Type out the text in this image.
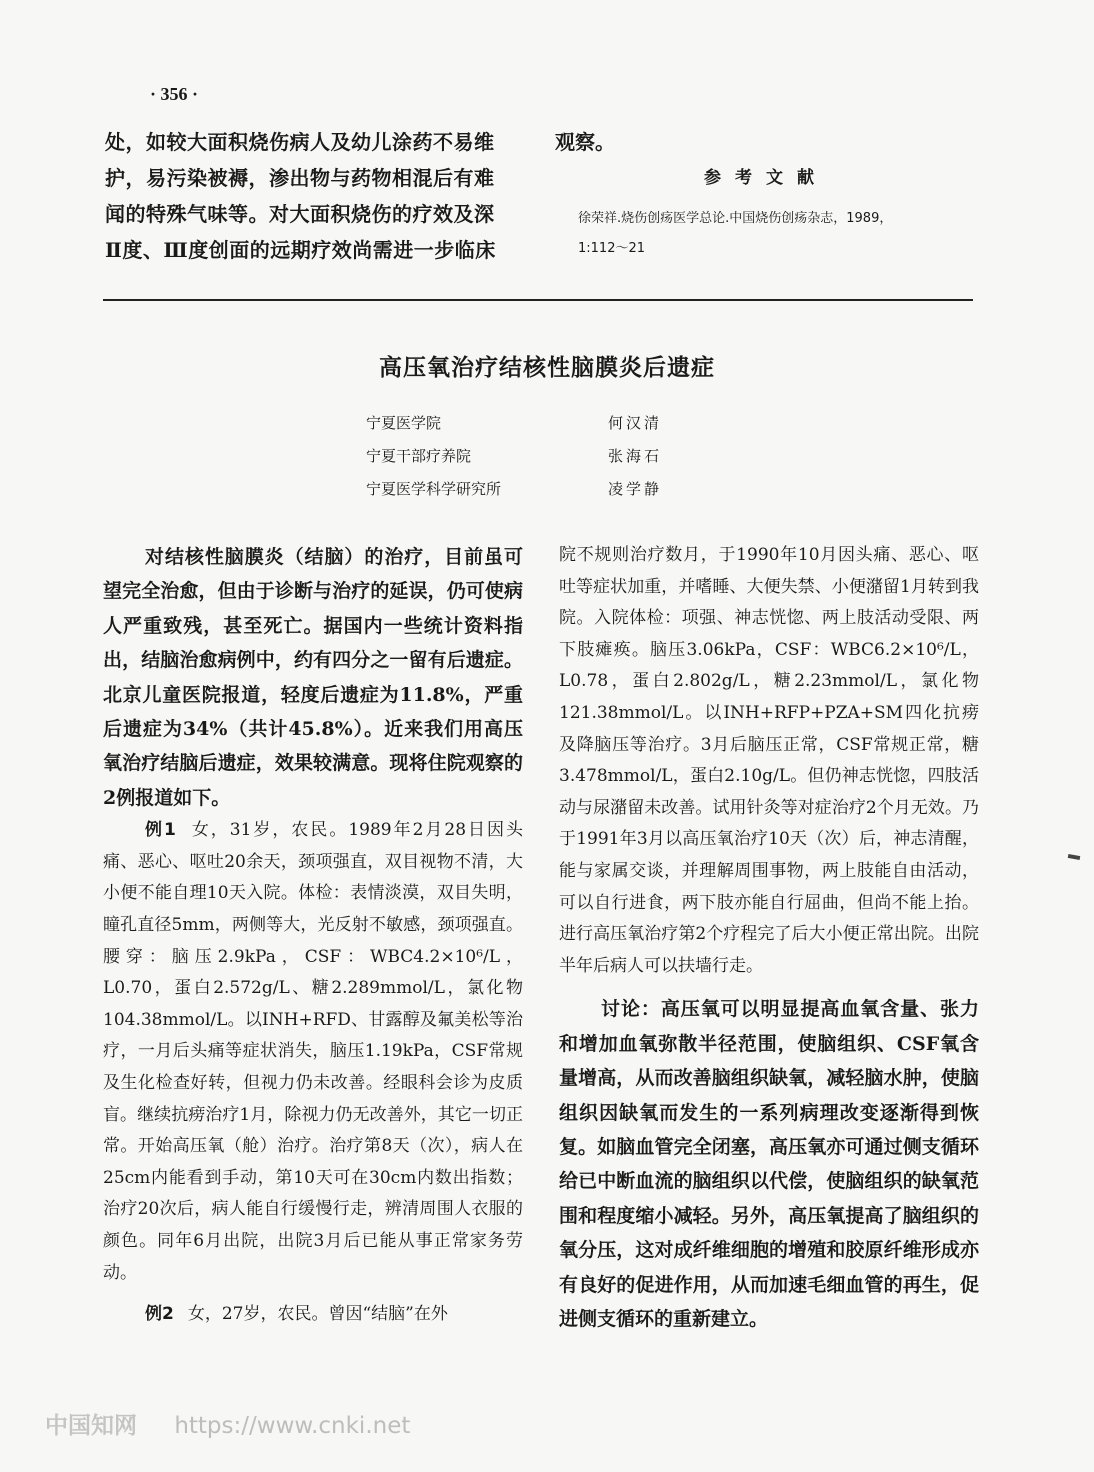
· 356 ·

处，如较大面积烧伤病人及幼儿涂药不易维

护，易污染被褥，渗出物与药物相混后有难

闻的特殊气味等。对大面积烧伤的疗效及深

Ⅱ度、Ⅲ度创面的远期疗效尚需进一步临床

观察。
参考文献
徐荣祥.烧伤创疡医学总论.中国烧伤创疡杂志，1989，
1:112～21
高压氧治疗结核性脑膜炎后遗症
宁夏医学院	何汉清
宁夏干部疗养院	张海石
宁夏医学科学研究所	凌学静

对结核性脑膜炎（结脑）的治疗，目前虽可望完全治愈，但由于诊断与治疗的延误，仍可使病人严重致残，甚至死亡。据国内一些统计资料指出，结脑治愈病例中，约有四分之一留有后遗症。北京儿童医院报道，轻度后遗症为11.8%，严重后遗症为34%（共计45.8%）。近来我们用高压氧治疗结脑后遗症，效果较满意。现将住院观察的2例报道如下。

例1 女，31岁，农民。1989年2月28日因头痛、恶心、呕吐20余天，颈项强直，双目视物不清，大小便不能自理10天入院。体检：表情淡漠，双目失明，瞳孔直径5mm，两侧等大，光反射不敏感，颈项强直。腰穿：脑压2.9kPa，CSF：WBC4.2×10⁶/L，L0.70，蛋白2.572g/L、糖2.289mmol/L，氯化物104.38mmol/L。以INH+RFD、甘露醇及氟美松等治疗，一月后头痛等症状消失，脑压1.19kPa，CSF常规及生化检查好转，但视力仍未改善。经眼科会诊为皮质盲。继续抗痨治疗1月，除视力仍无改善外，其它一切正常。开始高压氧（舱）治疗。治疗第8天（次），病人在25cm内能看到手动，第10天可在30cm内数出指数；治疗20次后，病人能自行缓慢行走，辨清周围人衣服的颜色。同年6月出院，出院3月后已能从事正常家务劳动。

例2 女，27岁，农民。曾因“结脑”在外

院不规则治疗数月，于1990年10月因头痛、恶心、呕吐等症状加重，并嗜睡、大便失禁、小便潴留1月转到我院。入院体检：项强、神志恍惚、两上肢活动受限、两下肢瘫痪。脑压3.06kPa，CSF：WBC6.2×10⁶/L，L0.78，蛋白2.802g/L，糖2.23mmol/L，氯化物121.38mmol/L。以INH+RFP+PZA+SM四化抗痨及降脑压等治疗。3月后脑压正常，CSF常规正常，糖3.478mmol/L，蛋白2.10g/L。但仍神志恍惚，四肢活动与尿潴留未改善。试用针灸等对症治疗2个月无效。乃于1991年3月以高压氧治疗10天（次）后，神志清醒，能与家属交谈，并理解周围事物，两上肢能自由活动，可以自行进食，两下肢亦能自行屈曲，但尚不能上抬。进行高压氧治疗第2个疗程完了后大小便正常出院。出院半年后病人可以扶墙行走。

讨论：高压氧可以明显提高血氧含量、张力和增加血氧弥散半径范围，使脑组织、CSF氧含量增高，从而改善脑组织缺氧，减轻脑水肿，使脑组织因缺氧而发生的一系列病理改变逐渐得到恢复。如脑血管完全闭塞，高压氧亦可通过侧支循环给已中断血流的脑组织以代偿，使脑组织的缺氧范围和程度缩小减轻。另外，高压氧提高了脑组织的氧分压，这对成纤维细胞的增殖和胶原纤维形成亦有良好的促进作用，从而加速毛细血管的再生，促进侧支循环的重新建立。

中国知网 https://www.cnki.net
